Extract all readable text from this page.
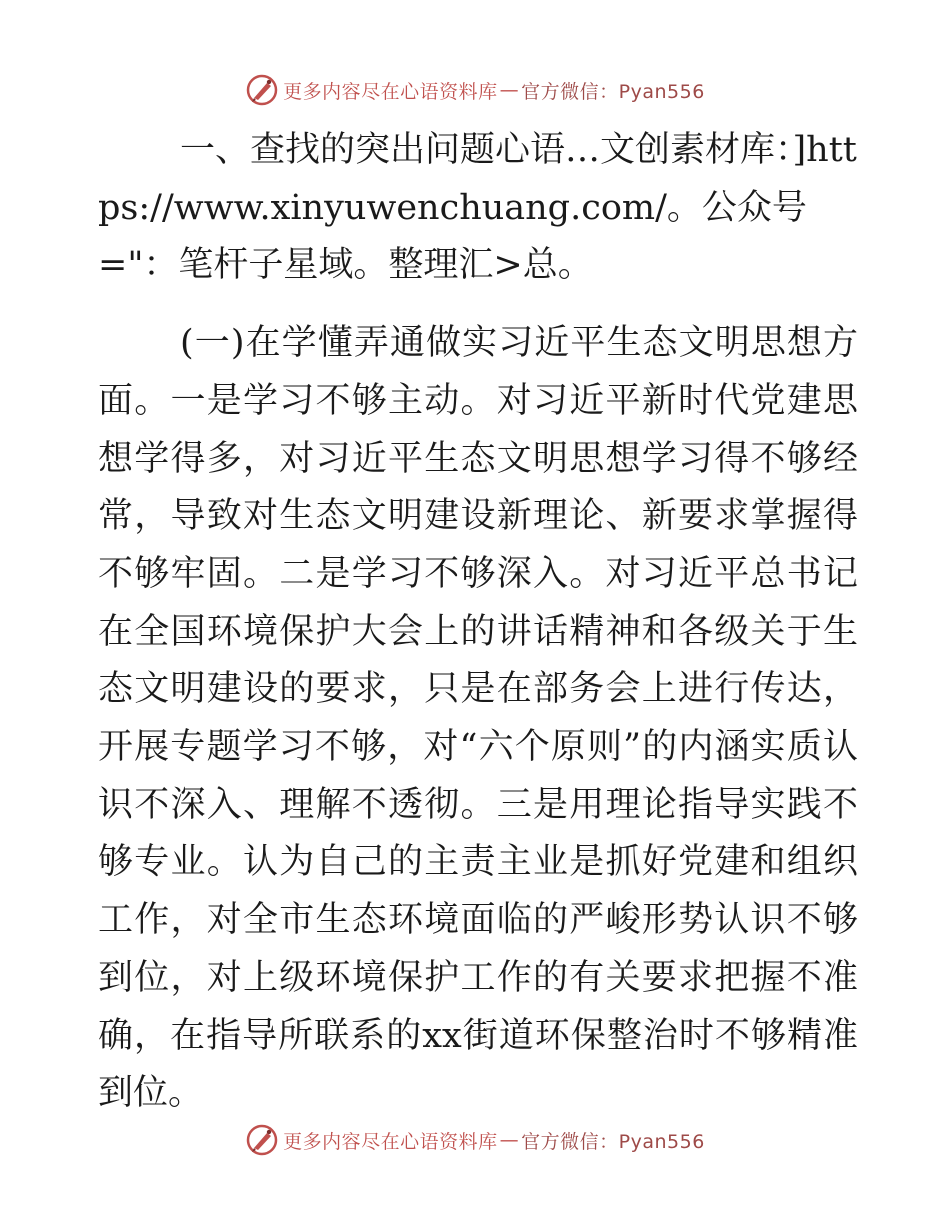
更多内容尽在心语资料库 — 官方微信：Pyan556

一、查找的突出问题心语…文创素材库：]https://www.xinyuwenchuang.com/。公众号="：笔杆子星域。整理汇>总。

(一)在学懂弄通做实习近平生态文明思想方面。一是学习不够主动。对习近平新时代党建思想学得多，对习近平生态文明思想学习得不够经常，导致对生态文明建设新理论、新要求掌握得不够牢固。二是学习不够深入。对习近平总书记在全国环境保护大会上的讲话精神和各级关于生态文明建设的要求，只是在部务会上进行传达，开展专题学习不够，对“六个原则”的内涵实质认识不深入、理解不透彻。三是用理论指导实践不够专业。认为自己的主责主业是抓好党建和组织工作，对全市生态环境面临的严峻形势认识不够到位，对上级环境保护工作的有关要求把握不准确，在指导所联系的xx街道环保整治时不够精准到位。

更多内容尽在心语资料库 — 官方微信：Pyan556
